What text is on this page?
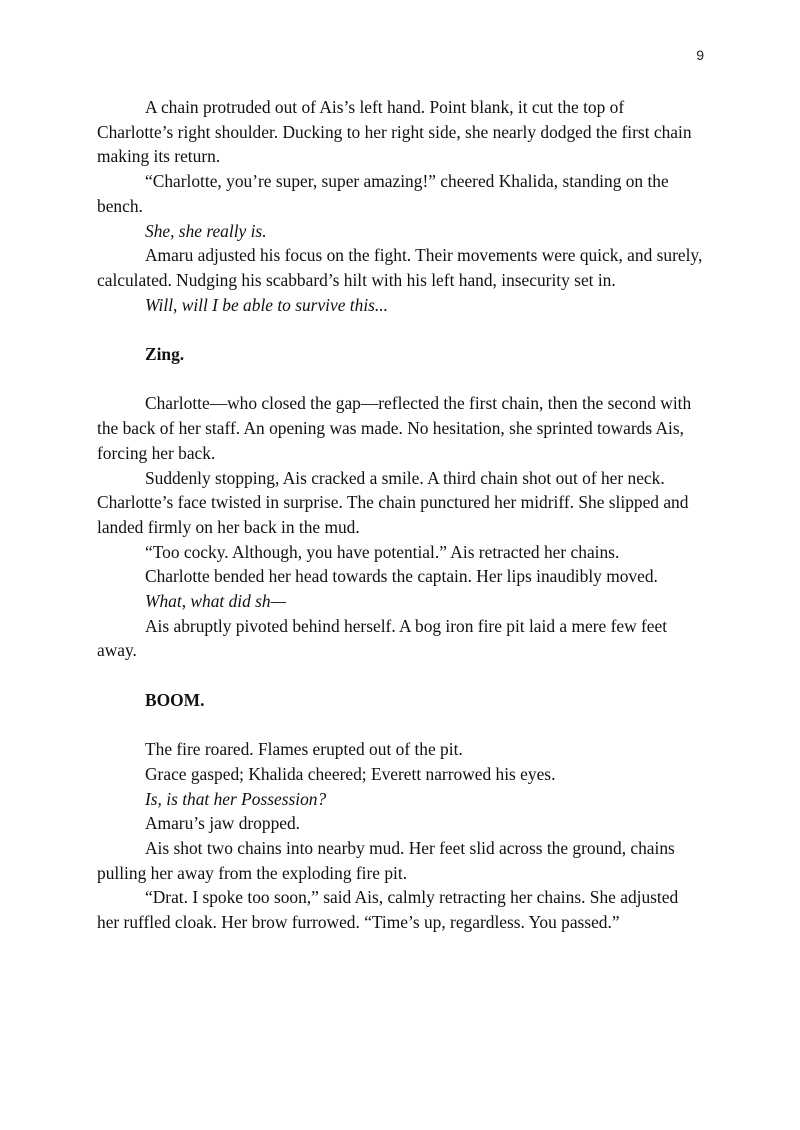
9

A chain protruded out of Ais’s left hand. Point blank, it cut the top of Charlotte’s right shoulder. Ducking to her right side, she nearly dodged the first chain making its return.

“Charlotte, you’re super, super amazing!” cheered Khalida, standing on the bench.

She, she really is.

Amaru adjusted his focus on the fight. Their movements were quick, and surely, calculated. Nudging his scabbard’s hilt with his left hand, insecurity set in.

Will, will I be able to survive this...

Zing.

Charlotte—who closed the gap—reflected the first chain, then the second with the back of her staff. An opening was made. No hesitation, she sprinted towards Ais, forcing her back.

Suddenly stopping, Ais cracked a smile. A third chain shot out of her neck. Charlotte’s face twisted in surprise. The chain punctured her midriff. She slipped and landed firmly on her back in the mud.

“Too cocky. Although, you have potential.” Ais retracted her chains.

Charlotte bended her head towards the captain. Her lips inaudibly moved.

What, what did sh—

Ais abruptly pivoted behind herself. A bog iron fire pit laid a mere few feet away.

BOOM.

The fire roared. Flames erupted out of the pit.

Grace gasped; Khalida cheered; Everett narrowed his eyes.

Is, is that her Possession?

Amaru’s jaw dropped.

Ais shot two chains into nearby mud. Her feet slid across the ground, chains pulling her away from the exploding fire pit.

“Drat. I spoke too soon,” said Ais, calmly retracting her chains. She adjusted her ruffled cloak. Her brow furrowed. “Time’s up, regardless. You passed.”
